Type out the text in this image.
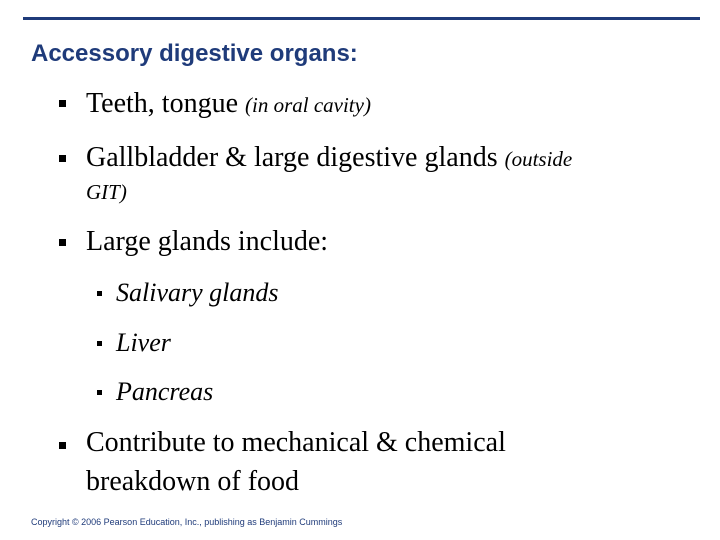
Accessory digestive organs:
Teeth, tongue (in oral cavity)
Gallbladder & large digestive glands (outside
GIT)
Large glands include:
Salivary glands
Liver
Pancreas
Contribute to mechanical & chemical
breakdown of food
Copyright © 2006 Pearson Education, Inc., publishing as Benjamin Cummings
